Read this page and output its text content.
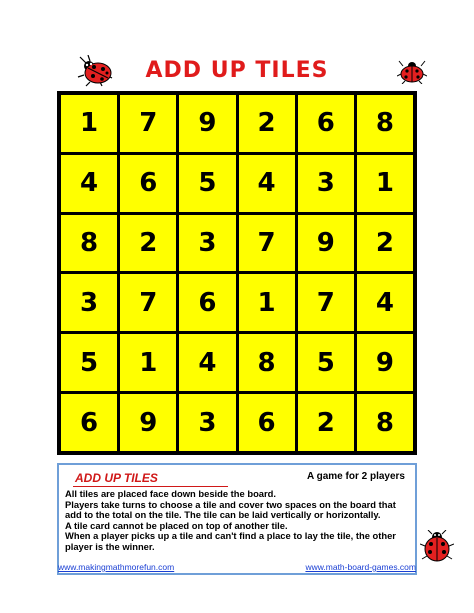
ADD UP TILES
1	7	9	2	6	8
4	6	5	4	3	1
8	2	3	7	9	2
3	7	6	1	7	4
5	1	4	8	5	9
6	9	3	6	2	8
ADD UP TILES	A game for 2 players
All tiles are placed face down beside the board.
Players take turns to choose a tile and cover two spaces on the board that add to the total on the tile. The tile can be laid vertically or horizontally.
A tile card cannot be placed on top of another tile.
When a player picks up a tile and can't find a place to lay the tile, the other player is the winner.
www.makingmathmorefun.com	www.math-board-games.com
